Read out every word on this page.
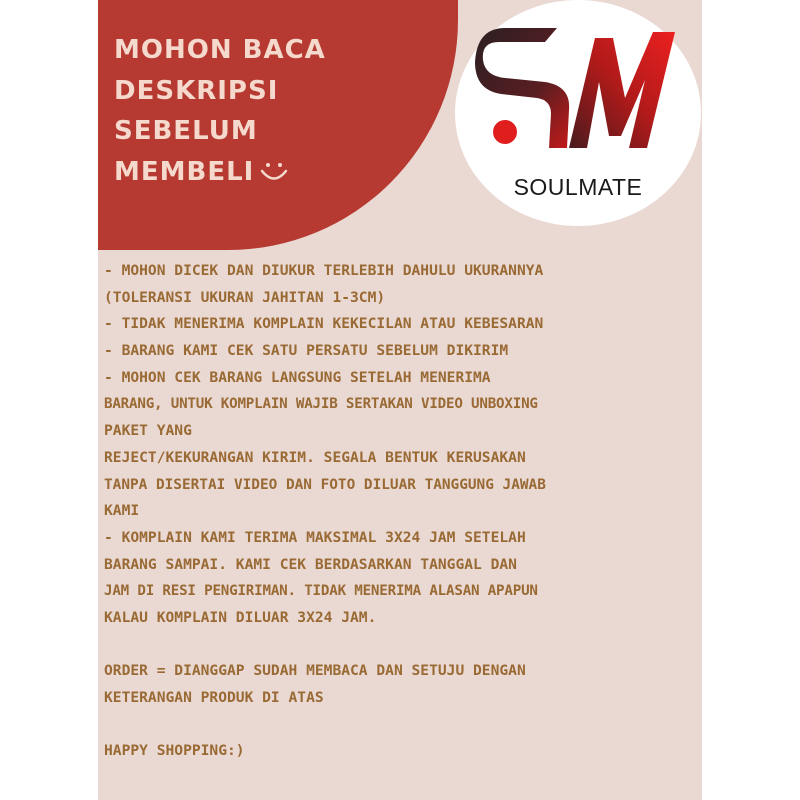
MOHON BACA
DESKRIPSI
SEBELUM
MEMBELI
SOULMATE
- MOHON DICEK DAN DIUKUR TERLEBIH DAHULU UKURANNYA
(TOLERANSI UKURAN JAHITAN 1-3CM)
- TIDAK MENERIMA KOMPLAIN KEKECILAN ATAU KEBESARAN
- BARANG KAMI CEK SATU PERSATU SEBELUM DIKIRIM
- MOHON CEK BARANG LANGSUNG SETELAH MENERIMA
BARANG, UNTUK KOMPLAIN WAJIB SERTAKAN VIDEO UNBOXING
PAKET YANG
REJECT/KEKURANGAN KIRIM. SEGALA BENTUK KERUSAKAN
TANPA DISERTAI VIDEO DAN FOTO DILUAR TANGGUNG JAWAB
KAMI
- KOMPLAIN KAMI TERIMA MAKSIMAL 3X24 JAM SETELAH
BARANG SAMPAI. KAMI CEK BERDASARKAN TANGGAL DAN
JAM DI RESI PENGIRIMAN. TIDAK MENERIMA ALASAN APAPUN
KALAU KOMPLAIN DILUAR 3X24 JAM.
ORDER = DIANGGAP SUDAH MEMBACA DAN SETUJU DENGAN
KETERANGAN PRODUK DI ATAS
HAPPY SHOPPING:)
